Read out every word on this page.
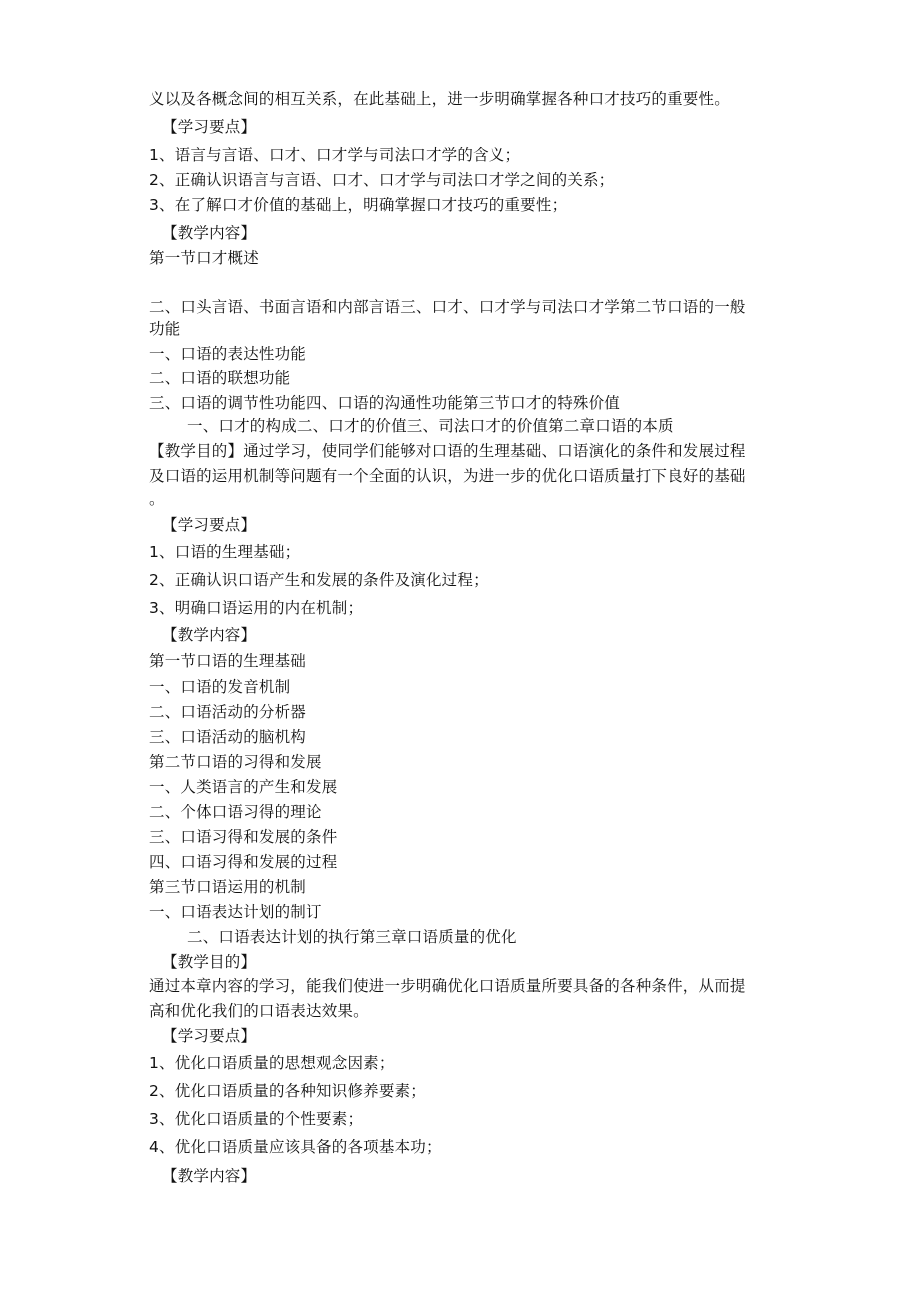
义以及各概念间的相互关系，在此基础上，进一步明确掌握各种口才技巧的重要性。
【学习要点】
1、语言与言语、口才、口才学与司法口才学的含义；
2、正确认识语言与言语、口才、口才学与司法口才学之间的关系；
3、在了解口才价值的基础上，明确掌握口才技巧的重要性；
【教学内容】
第一节口才概述
二、口头言语、书面言语和内部言语三、口才、口才学与司法口才学第二节口语的一般
功能
一、口语的表达性功能
二、口语的联想功能
三、口语的调节性功能四、口语的沟通性功能第三节口才的特殊价值
一、口才的构成二、口才的价值三、司法口才的价值第二章口语的本质
【教学目的】通过学习，使同学们能够对口语的生理基础、口语演化的条件和发展过程
及口语的运用机制等问题有一个全面的认识，为进一步的优化口语质量打下良好的基础
。
【学习要点】
1、口语的生理基础；
2、正确认识口语产生和发展的条件及演化过程；
3、明确口语运用的内在机制；
【教学内容】
第一节口语的生理基础
一、口语的发音机制
二、口语活动的分析器
三、口语活动的脑机构
第二节口语的习得和发展
一、人类语言的产生和发展
二、个体口语习得的理论
三、口语习得和发展的条件
四、口语习得和发展的过程
第三节口语运用的机制
一、口语表达计划的制订
二、口语表达计划的执行第三章口语质量的优化
【教学目的】
通过本章内容的学习，能我们使进一步明确优化口语质量所要具备的各种条件，从而提
高和优化我们的口语表达效果。
【学习要点】
1、优化口语质量的思想观念因素；
2、优化口语质量的各种知识修养要素；
3、优化口语质量的个性要素；
4、优化口语质量应该具备的各项基本功；
【教学内容】
